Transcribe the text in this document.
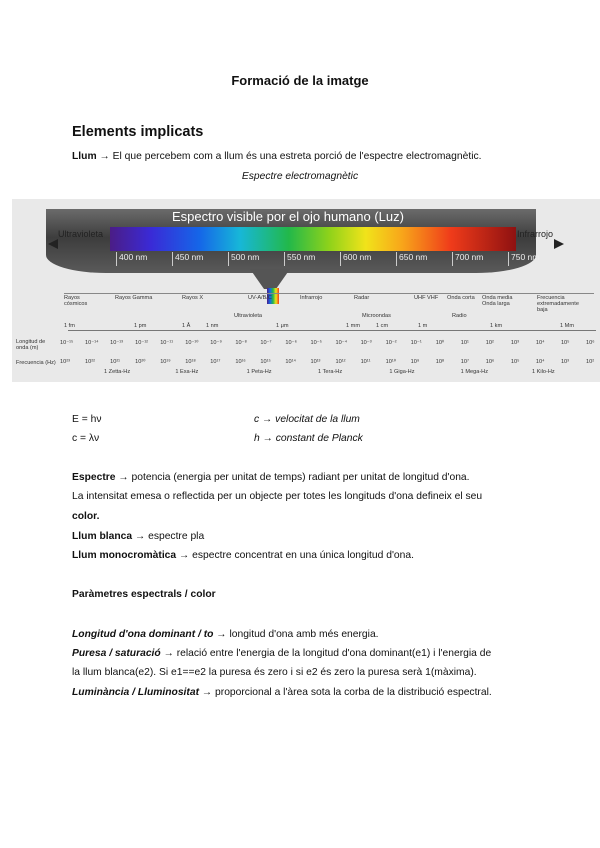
Formació de la imatge
Elements implicats
Llum → El que percebem com a llum és una estreta porció de l'espectre electromagnètic.
Espectre electromagnètic
Espectro visible por el ojo humano (Luz)
Ultravioleta	Infrarrojo
400 nm	450 nm	500 nm	550 nm	600 nm	650 nm	700 nm	750 nm
Rayos cósmicos
Rayos Gamma	Rayos X	UV-A/B/C	Infrarrojo	Radar	UHF VHF	Onda corta	Onda media Onda larga
Frecuencia extremadamente baja
Ultravioleta	Microondas	Radio
1 fm	1 pm	1 Å	1 nm	1 μm	1 mm	1 cm	1 m	1 km	1 Mm
Longitud de onda (m)
10⁻¹⁵ 10⁻¹⁴ 10⁻¹³ 10⁻¹² 10⁻¹¹ 10⁻¹⁰ 10⁻⁹ 10⁻⁸ 10⁻⁷ 10⁻⁶ 10⁻⁵ 10⁻⁴ 10⁻³	10⁻²	10⁻¹	10⁰	10¹	10²	10³	10⁴	10⁵	10⁶
Frecuencia (Hz) 10²³	10²²	10²¹	10²⁰	10¹⁹	10¹⁸	10¹⁷	10¹⁶	10¹⁵	10¹⁴	10¹³	10¹²	10¹¹	10¹⁰	10⁹	10⁸	10⁷	10⁶	10⁵	10⁴	10³	10²
1 Zetta-Hz	1 Exa-Hz	1 Peta-Hz	1 Tera-Hz	1 Giga-Hz	1 Mega-Hz	1 Kilo-Hz
E = hν	c → velocitat de la llum
c = λν	h → constant de Planck
Espectre → potencia (energia per unitat de temps) radiant per unitat de longitud d'ona.
La intensitat emesa o reflectida per un objecte per totes les longituds d'ona defineix el seu
color.
Llum blanca → espectre pla
Llum monocromàtica → espectre concentrat en una única longitud d'ona.
Paràmetres espectrals / color
Longitud d'ona dominant / to → longitud d'ona amb més energia.
Puresa / saturació → relació entre l'energia de la longitud d'ona dominant(e1) i l'energia de
la llum blanca(e2). Si e1==e2 la puresa és zero i si e2 és zero la puresa serà 1(màxima).
Luminància / Lluminositat → proporcional a l'àrea sota la corba de la distribució espectral.
